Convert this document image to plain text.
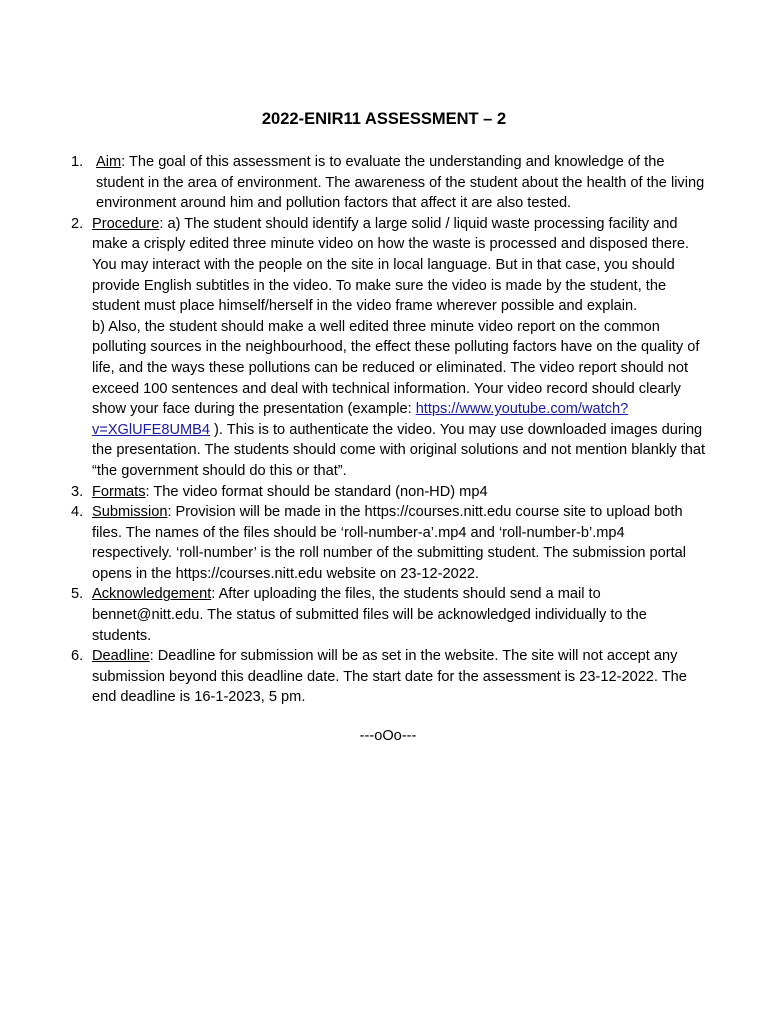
2022-ENIR11 ASSESSMENT – 2
1. Aim: The goal of this assessment is to evaluate the understanding and knowledge of the student in the area of environment. The awareness of the student about the health of the living environment around him and pollution factors that affect it are also tested.
2. Procedure: a) The student should identify a large solid / liquid waste processing facility and make a crisply edited three minute video on how the waste is processed and disposed there. You may interact with the people on the site in local language. But in that case, you should provide English subtitles in the video. To make sure the video is made by the student, the student must place himself/herself in the video frame wherever possible and explain.

b) Also, the student should make a well edited three minute video report on the common polluting sources in the neighbourhood, the effect these polluting factors have on the quality of life, and the ways these pollutions can be reduced or eliminated. The video report should not exceed 100 sentences and deal with technical information. Your video record should clearly show your face during the presentation (example: https://www.youtube.com/watch?v=XGlUFE8UMB4 ). This is to authenticate the video. You may use downloaded images during the presentation. The students should come with original solutions and not mention blankly that “the government should do this or that”.

3. Formats: The video format should be standard (non-HD) mp4
4. Submission: Provision will be made in the https://courses.nitt.edu course site to upload both files. The names of the files should be ‘roll-number-a’.mp4 and ‘roll-number-b’.mp4 respectively. ‘roll-number’ is the roll number of the submitting student. The submission portal opens in the https://courses.nitt.edu website on 23-12-2022.
5. Acknowledgement: After uploading the files, the students should send a mail to bennet@nitt.edu. The status of submitted files will be acknowledged individually to the students.
6. Deadline: Deadline for submission will be as set in the website. The site will not accept any submission beyond this deadline date. The start date for the assessment is 23-12-2022. The end deadline is 16-1-2023, 5 pm.
---oOo---
